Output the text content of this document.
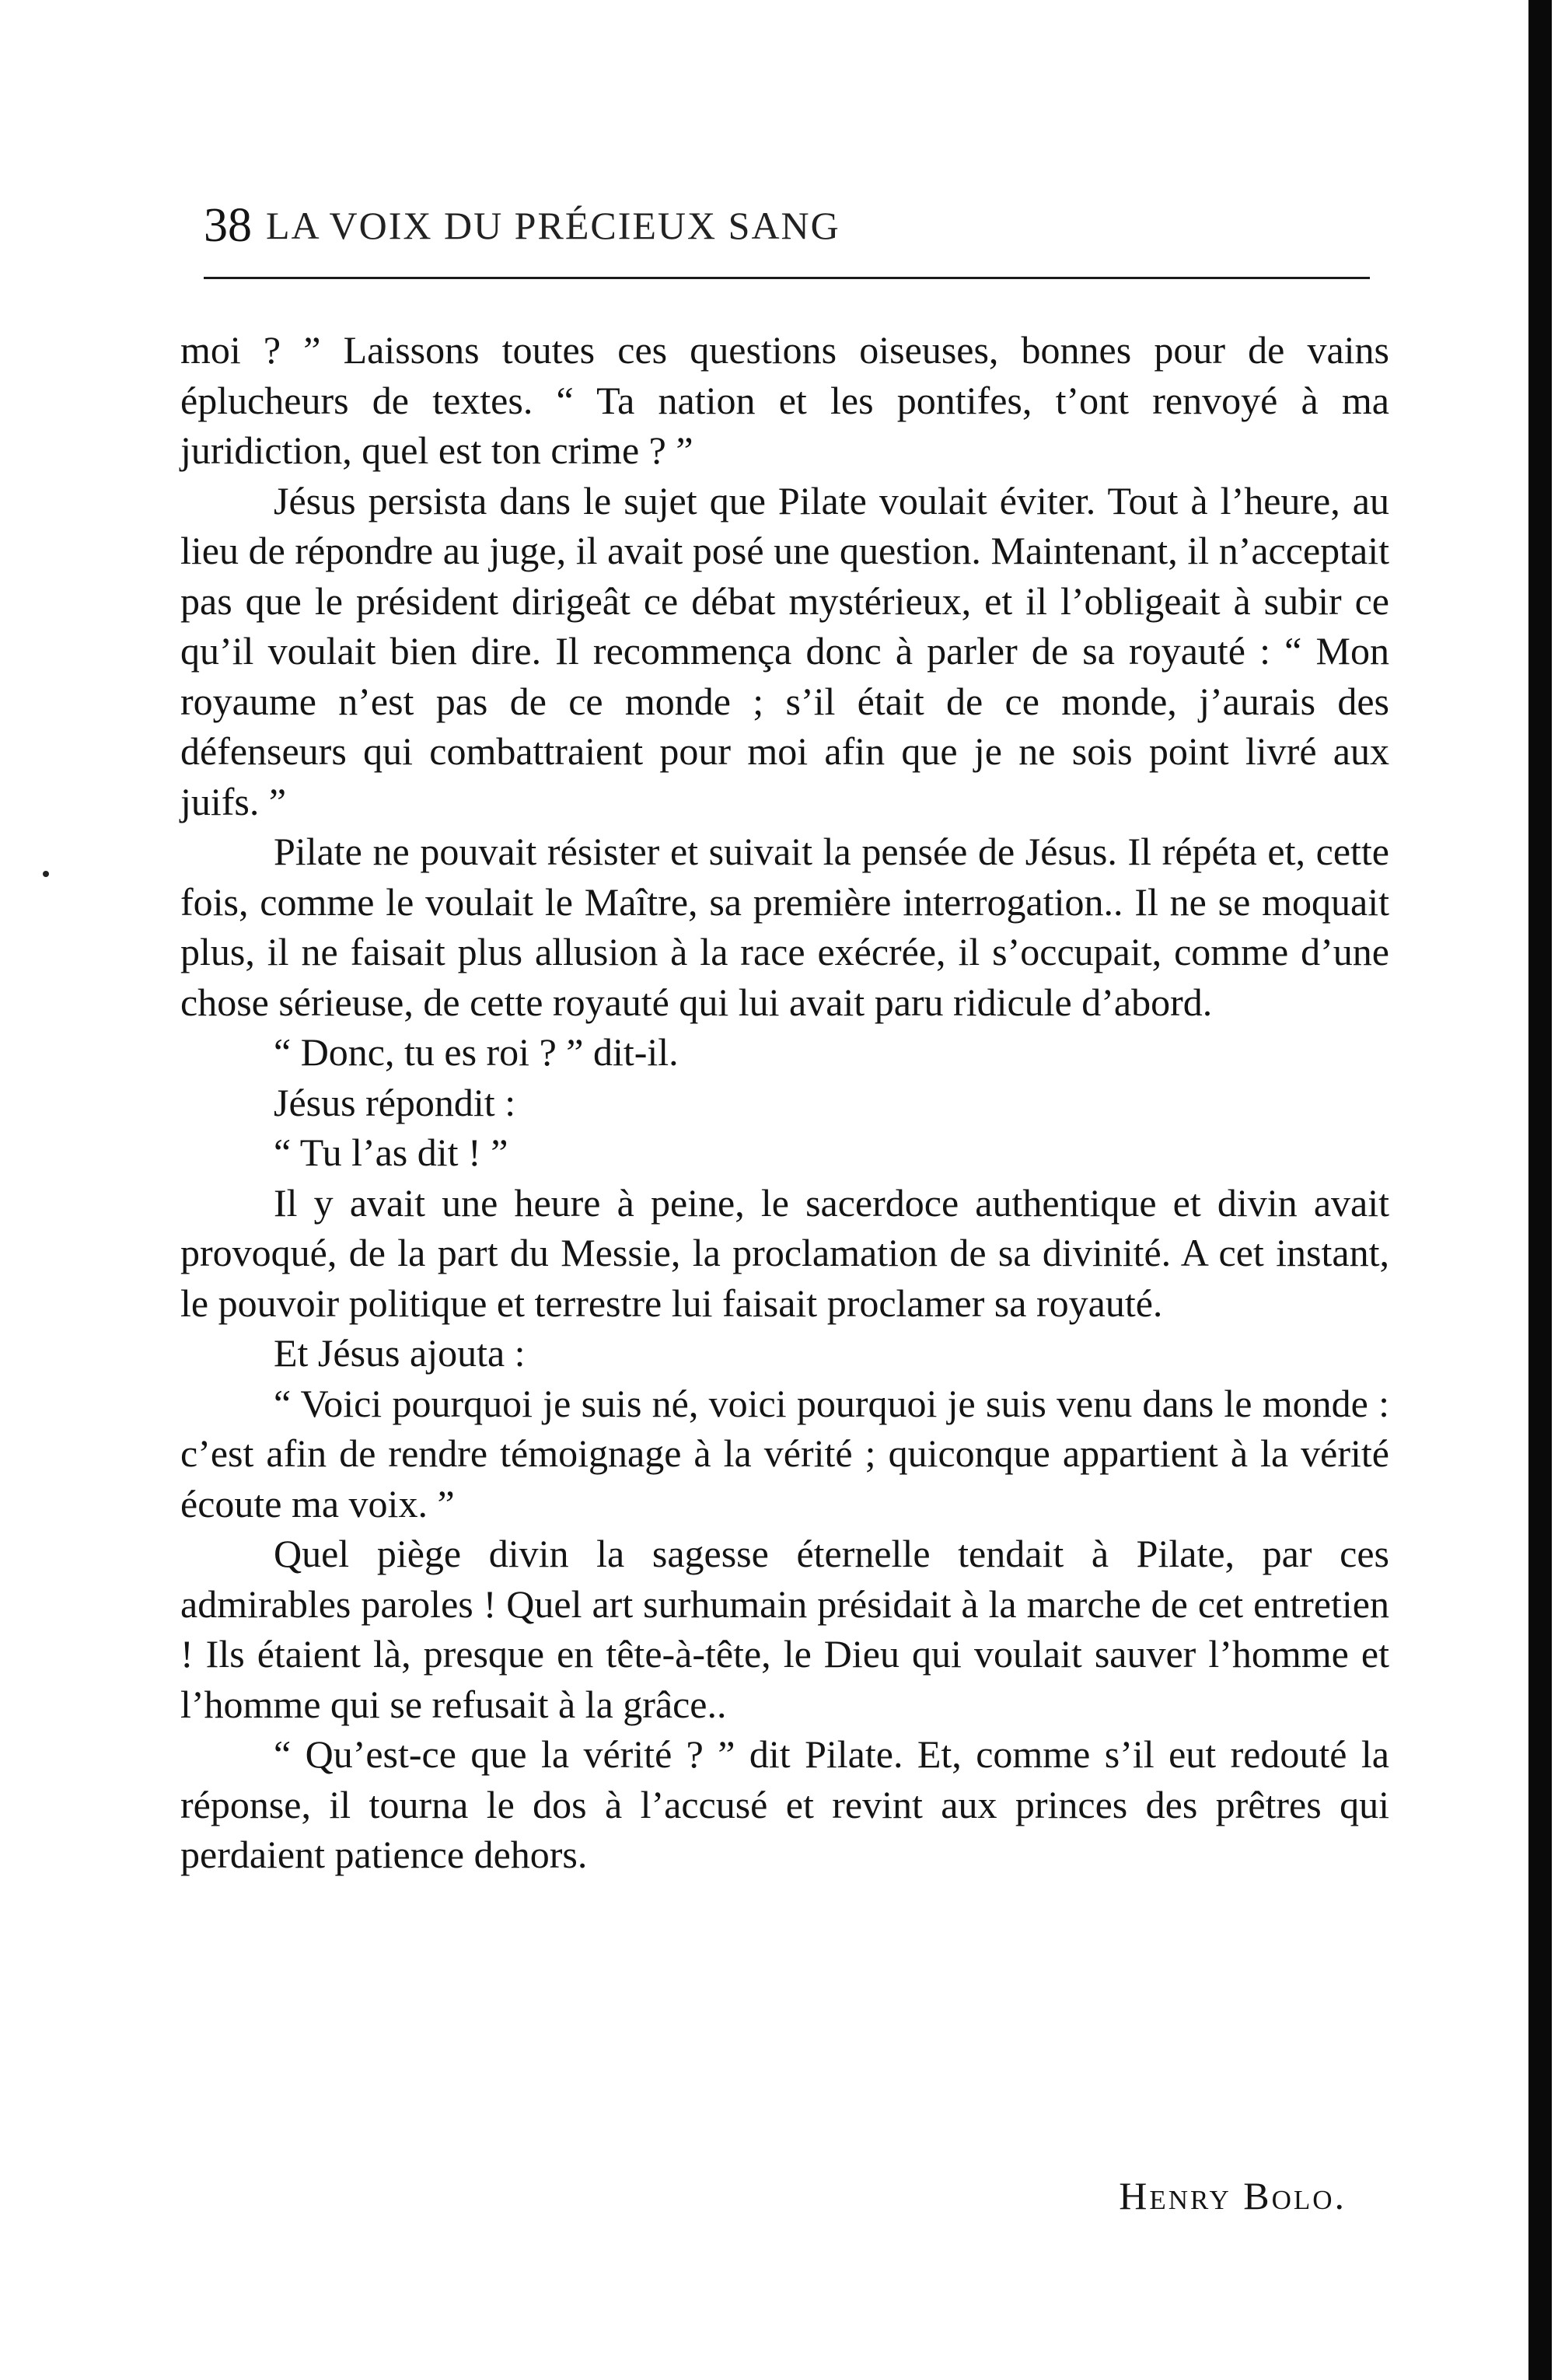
38 LA VOIX DU PRÉCIEUX SANG

moi ? ” Laissons toutes ces questions oiseuses, bonnes pour de vains éplucheurs de textes. “ Ta nation et les pontifes, t’ont renvoyé à ma juridiction, quel est ton crime ? ”

Jésus persista dans le sujet que Pilate voulait éviter. Tout à l’heure, au lieu de répondre au juge, il avait posé une question. Maintenant, il n’acceptait pas que le président dirigeât ce débat mystérieux, et il l’obligeait à subir ce qu’il voulait bien dire. Il recommença donc à parler de sa royauté : “ Mon royaume n’est pas de ce monde ; s’il était de ce monde, j’aurais des défenseurs qui combattraient pour moi afin que je ne sois point livré aux juifs. ”

Pilate ne pouvait résister et suivait la pensée de Jésus. Il répéta et, cette fois, comme le voulait le Maître, sa première interrogation.. Il ne se moquait plus, il ne faisait plus allusion à la race exécrée, il s’occupait, comme d’une chose sérieuse, de cette royauté qui lui avait paru ridicule d’abord.

“ Donc, tu es roi ? ” dit-il.

Jésus répondit :

“ Tu l’as dit ! ”

Il y avait une heure à peine, le sacerdoce authentique et divin avait provoqué, de la part du Messie, la proclamation de sa divinité. A cet instant, le pouvoir politique et terrestre lui faisait proclamer sa royauté.

Et Jésus ajouta :

“ Voici pourquoi je suis né, voici pourquoi je suis venu dans le monde : c’est afin de rendre témoignage à la vérité ; quiconque appartient à la vérité écoute ma voix. ”

Quel piège divin la sagesse éternelle tendait à Pilate, par ces admirables paroles ! Quel art surhumain présidait à la marche de cet entretien ! Ils étaient là, presque en tête-à-tête, le Dieu qui voulait sauver l’homme et l’homme qui se refusait à la grâce..

“ Qu’est-ce que la vérité ? ” dit Pilate. Et, comme s’il eut redouté la réponse, il tourna le dos à l’accusé et revint aux princes des prêtres qui perdaient patience dehors.

Henry Bolo.
